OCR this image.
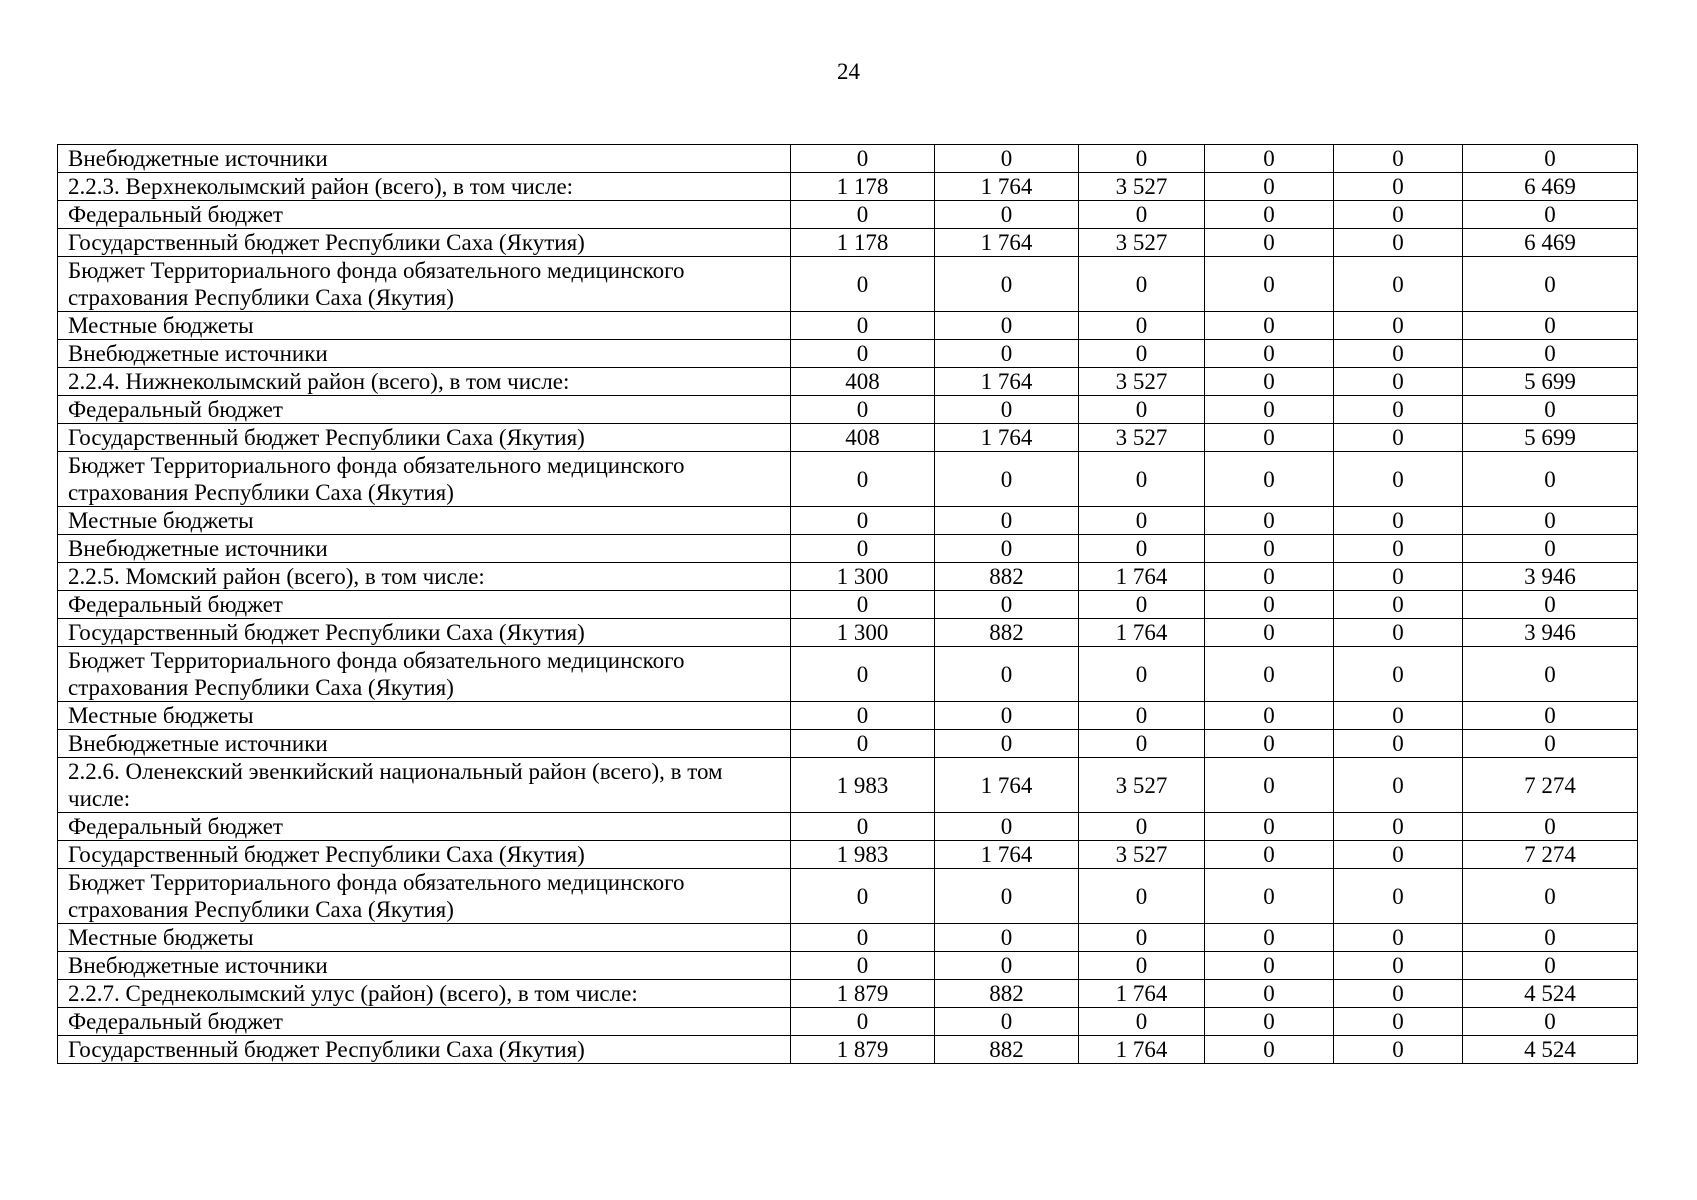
24
Внебюджетные источники	0	0	0	0	0	0
2.2.3. Верхнеколымский район (всего), в том числе:	1 178	1 764	3 527	0	0	6 469
Федеральный бюджет	0	0	0	0	0	0
Государственный бюджет Республики Саха (Якутия)	1 178	1 764	3 527	0	0	6 469
Бюджет Территориального фонда обязательного медицинского страхования Республики Саха (Якутия)	0	0	0	0	0	0
Местные бюджеты	0	0	0	0	0	0
Внебюджетные источники	0	0	0	0	0	0
2.2.4. Нижнеколымский район (всего), в том числе:	408	1 764	3 527	0	0	5 699
Федеральный бюджет	0	0	0	0	0	0
Государственный бюджет Республики Саха (Якутия)	408	1 764	3 527	0	0	5 699
Бюджет Территориального фонда обязательного медицинского страхования Республики Саха (Якутия)	0	0	0	0	0	0
Местные бюджеты	0	0	0	0	0	0
Внебюджетные источники	0	0	0	0	0	0
2.2.5. Момский район (всего), в том числе:	1 300	882	1 764	0	0	3 946
Федеральный бюджет	0	0	0	0	0	0
Государственный бюджет Республики Саха (Якутия)	1 300	882	1 764	0	0	3 946
Бюджет Территориального фонда обязательного медицинского страхования Республики Саха (Якутия)	0	0	0	0	0	0
Местные бюджеты	0	0	0	0	0	0
Внебюджетные источники	0	0	0	0	0	0
2.2.6. Оленекский эвенкийский национальный район (всего), в том числе:	1 983	1 764	3 527	0	0	7 274
Федеральный бюджет	0	0	0	0	0	0
Государственный бюджет Республики Саха (Якутия)	1 983	1 764	3 527	0	0	7 274
Бюджет Территориального фонда обязательного медицинского страхования Республики Саха (Якутия)	0	0	0	0	0	0
Местные бюджеты	0	0	0	0	0	0
Внебюджетные источники	0	0	0	0	0	0
2.2.7. Среднеколымский улус (район) (всего), в том числе:	1 879	882	1 764	0	0	4 524
Федеральный бюджет	0	0	0	0	0	0
Государственный бюджет Республики Саха (Якутия)	1 879	882	1 764	0	0	4 524
